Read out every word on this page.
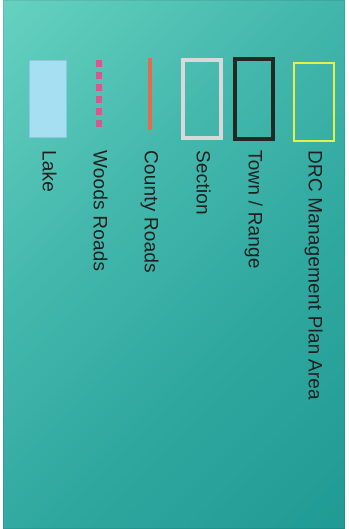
Lake Woods Roads County Roads Section Town / Range DRC Management Plan Area
